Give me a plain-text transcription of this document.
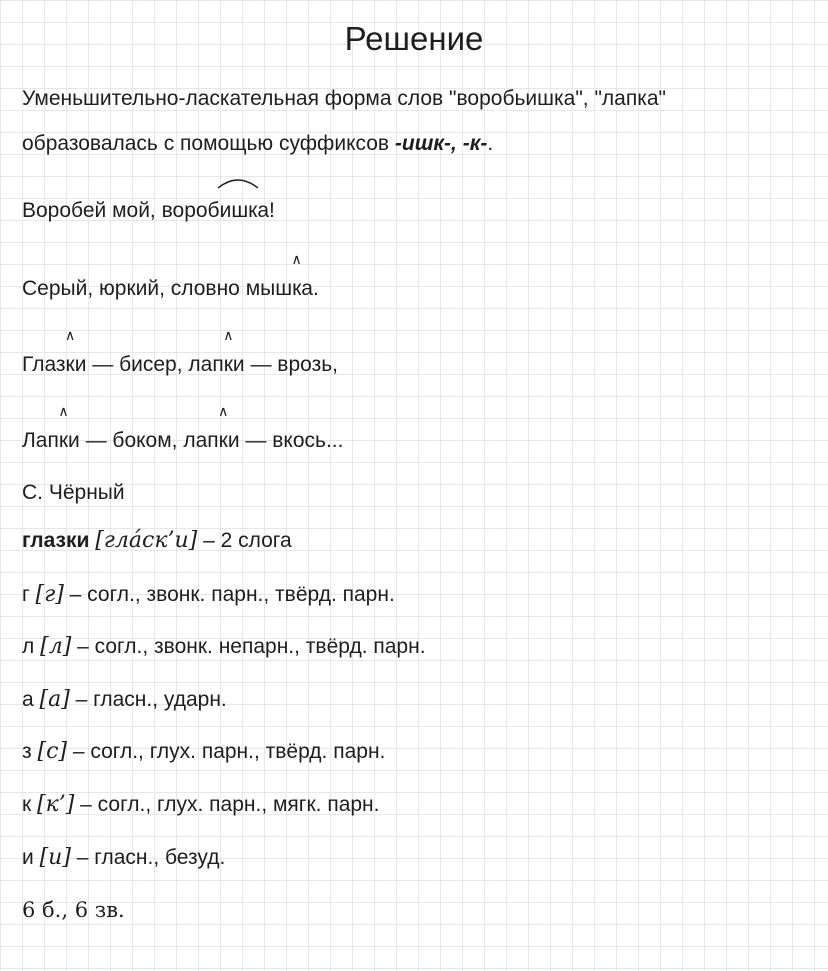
Решение
Уменьшительно-ласкательная форма слов "воробьишка", "лапка"
образовалась с помощью суффиксов -ишк-, -к-.
Воробей мой, вороб
ишка!
Серый, юркий, словно мыш
∧
ка.
Глаз
∧
ки — бисер, лап
∧
ки — врозь,
Лап
∧
ки — боком, лап
∧
ки — вкось...
С. Чёрный
глазки [гла́ск’и] – 2 слога
г [г] – согл., звонк. парн., твёрд. парн.
л [л] – согл., звонк. непарн., твёрд. парн.
а [а] – гласн., ударн.
з [с] – согл., глух. парн., твёрд. парн.
к [к’] – согл., глух. парн., мягк. парн.
и [и] – гласн., безуд.
6 б., 6 зв.
